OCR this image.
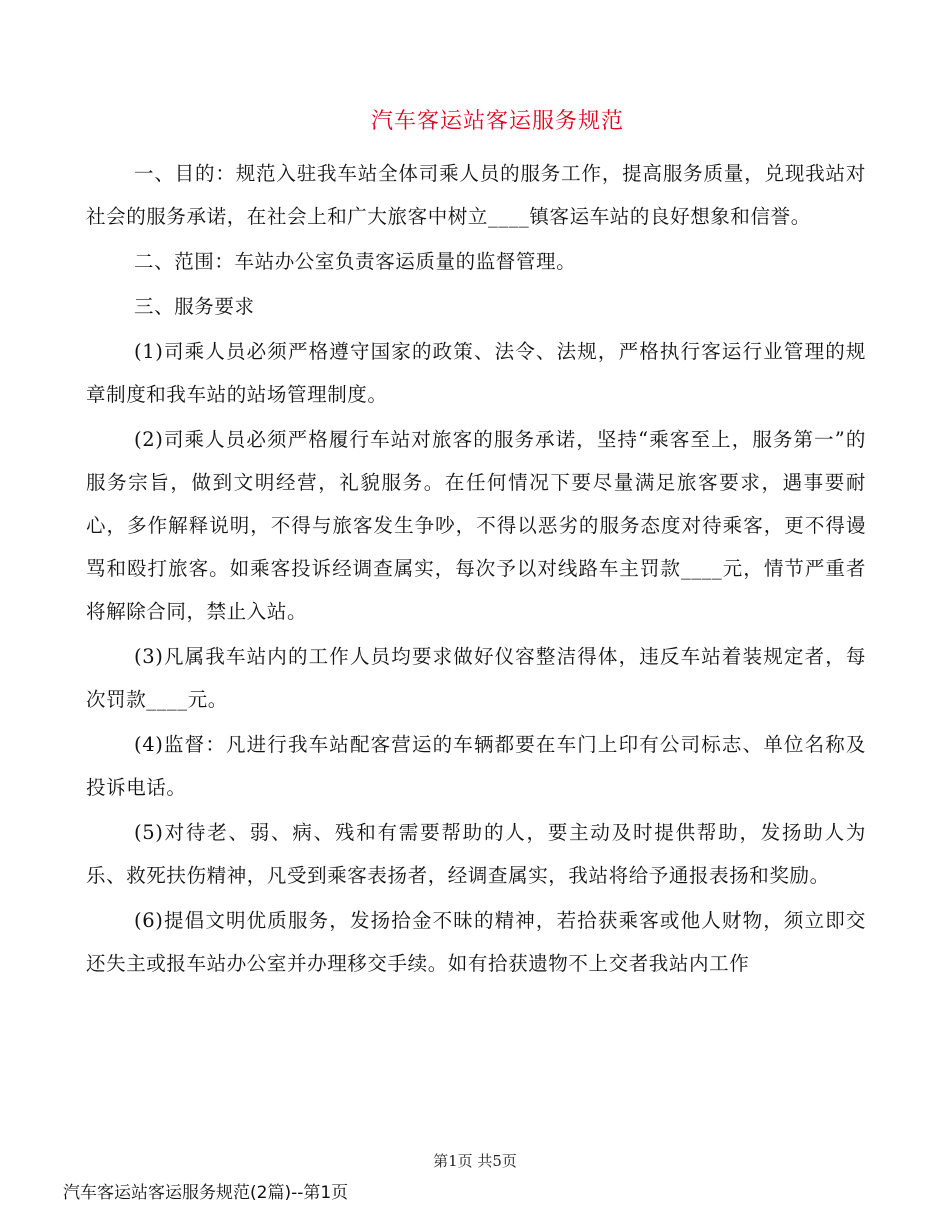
汽车客运站客运服务规范

一、目的：规范入驻我车站全体司乘人员的服务工作，提高服务质量，兑现我站对社会的服务承诺，在社会上和广大旅客中树立____镇客运车站的良好想象和信誉。

二、范围：车站办公室负责客运质量的监督管理。

三、服务要求

(1)司乘人员必须严格遵守国家的政策、法令、法规，严格执行客运行业管理的规章制度和我车站的站场管理制度。

(2)司乘人员必须严格履行车站对旅客的服务承诺，坚持“乘客至上，服务第一”的服务宗旨，做到文明经营，礼貌服务。在任何情况下要尽量满足旅客要求，遇事要耐心，多作解释说明，不得与旅客发生争吵，不得以恶劣的服务态度对待乘客，更不得谩骂和殴打旅客。如乘客投诉经调查属实，每次予以对线路车主罚款____元，情节严重者将解除合同，禁止入站。

(3)凡属我车站内的工作人员均要求做好仪容整洁得体，违反车站着装规定者，每次罚款____元。

(4)监督：凡进行我车站配客营运的车辆都要在车门上印有公司标志、单位名称及投诉电话。

(5)对待老、弱、病、残和有需要帮助的人，要主动及时提供帮助，发扬助人为乐、救死扶伤精神，凡受到乘客表扬者，经调查属实，我站将给予通报表扬和奖励。

(6)提倡文明优质服务，发扬拾金不昧的精神，若拾获乘客或他人财物，须立即交还失主或报车站办公室并办理移交手续。如有拾获遗物不上交者我站内工作

第1页 共5页
汽车客运站客运服务规范(2篇)--第1页
